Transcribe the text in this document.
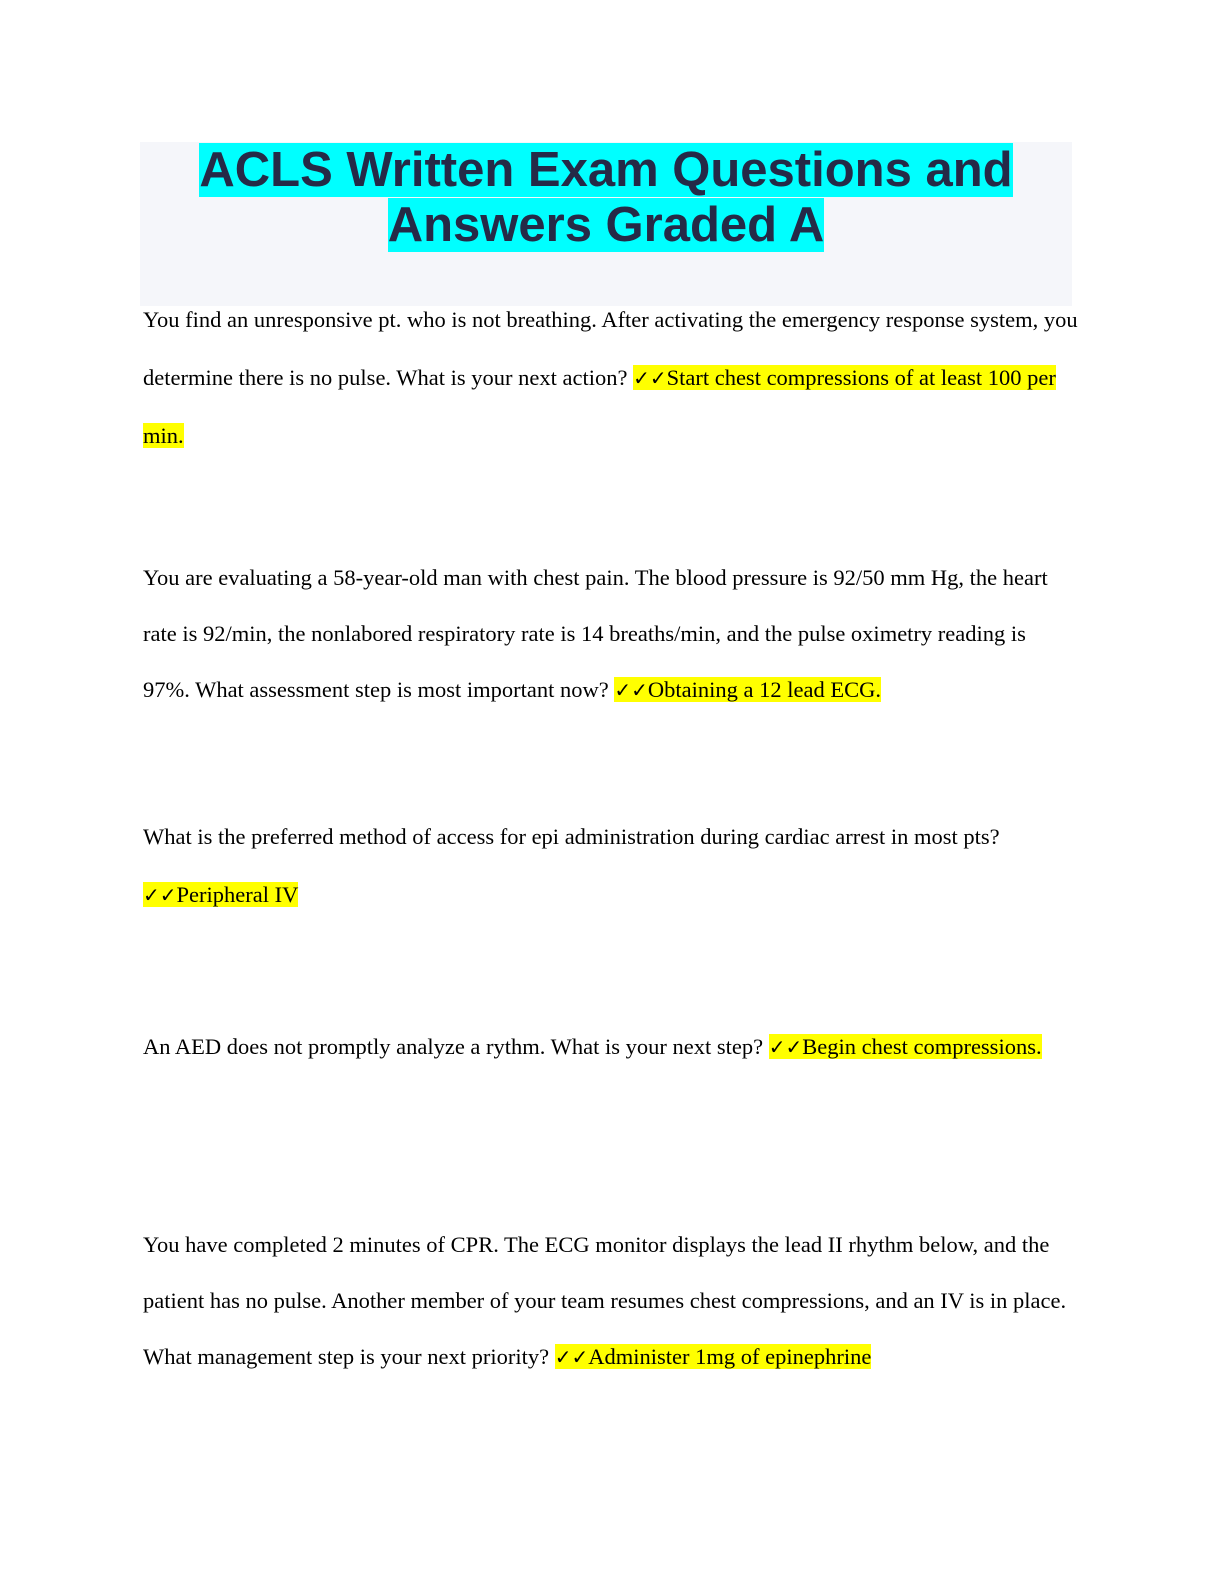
ACLS Written Exam Questions and
Answers Graded A

You find an unresponsive pt. who is not breathing. After activating the emergency response system, you determine there is no pulse. What is your next action? ✓✓Start chest compressions of at least 100 per min.

You are evaluating a 58-year-old man with chest pain. The blood pressure is 92/50 mm Hg, the heart rate is 92/min, the nonlabored respiratory rate is 14 breaths/min, and the pulse oximetry reading is 97%. What assessment step is most important now? ✓✓Obtaining a 12 lead ECG.

What is the preferred method of access for epi administration during cardiac arrest in most pts? ✓✓Peripheral IV

An AED does not promptly analyze a rythm. What is your next step? ✓✓Begin chest compressions.

You have completed 2 minutes of CPR. The ECG monitor displays the lead II rhythm below, and the patient has no pulse. Another member of your team resumes chest compressions, and an IV is in place. What management step is your next priority? ✓✓Administer 1mg of epinephrine
